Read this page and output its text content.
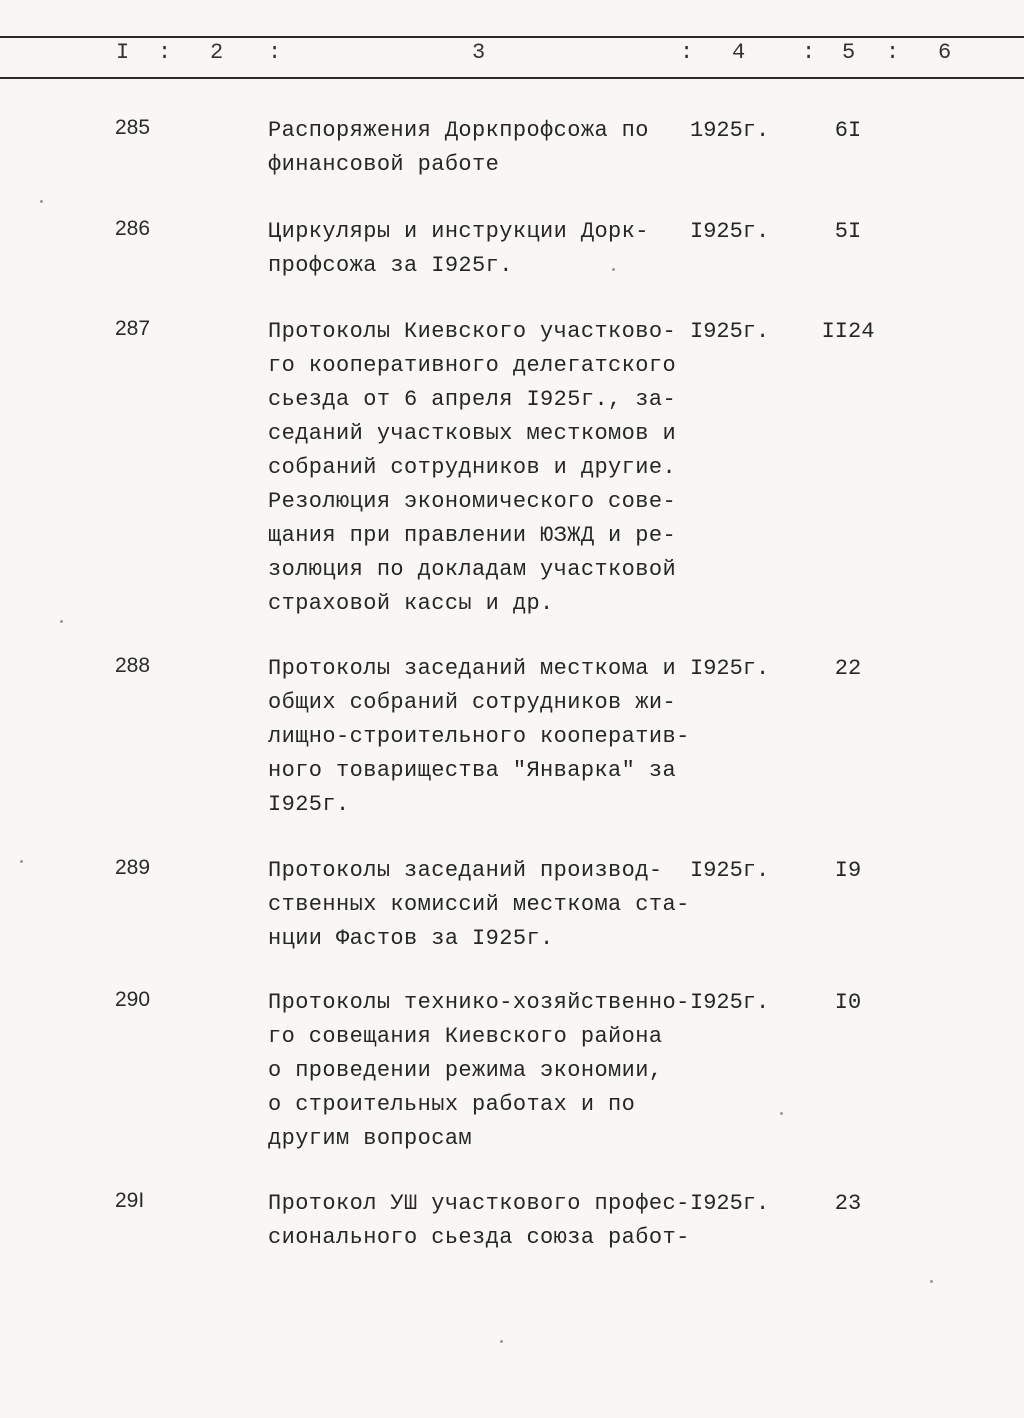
I : 2 :	3	: 4	: 5 : 6
285	Распоряжения Доркпрофсожа по
финансовой работе
1925г.	6I
286	Циркуляры и инструкции Дорк-
профсожа за I925г.
I925г.	5I
287	Протоколы Киевского участково-
го кооперативного делегатского
сьезда от 6 апреля I925г., за-
седаний участковых месткомов и
собраний сотрудников и другие.
Резолюция экономического сове-
щания при правлении ЮЗЖД и ре-
золюция по докладам участковой
страховой кассы и др.
I925г.	II24
288	Протоколы заседаний месткома и
общих собраний сотрудников жи-
лищно-строительного кооператив-
ного товарищества "Январка" за
I925г.
I925г.	22
289	Протоколы заседаний производ-
ственных комиссий месткома ста-
нции Фастов за I925г.
I925г.	I9
290	Протоколы технико-хозяйственно-
го совещания Киевского района
о проведении режима экономии,
о строительных работах и по
другим вопросам
I925г.	I0
29I	Протокол УШ участкового профес-
сионального сьезда союза работ-
I925г.	23
